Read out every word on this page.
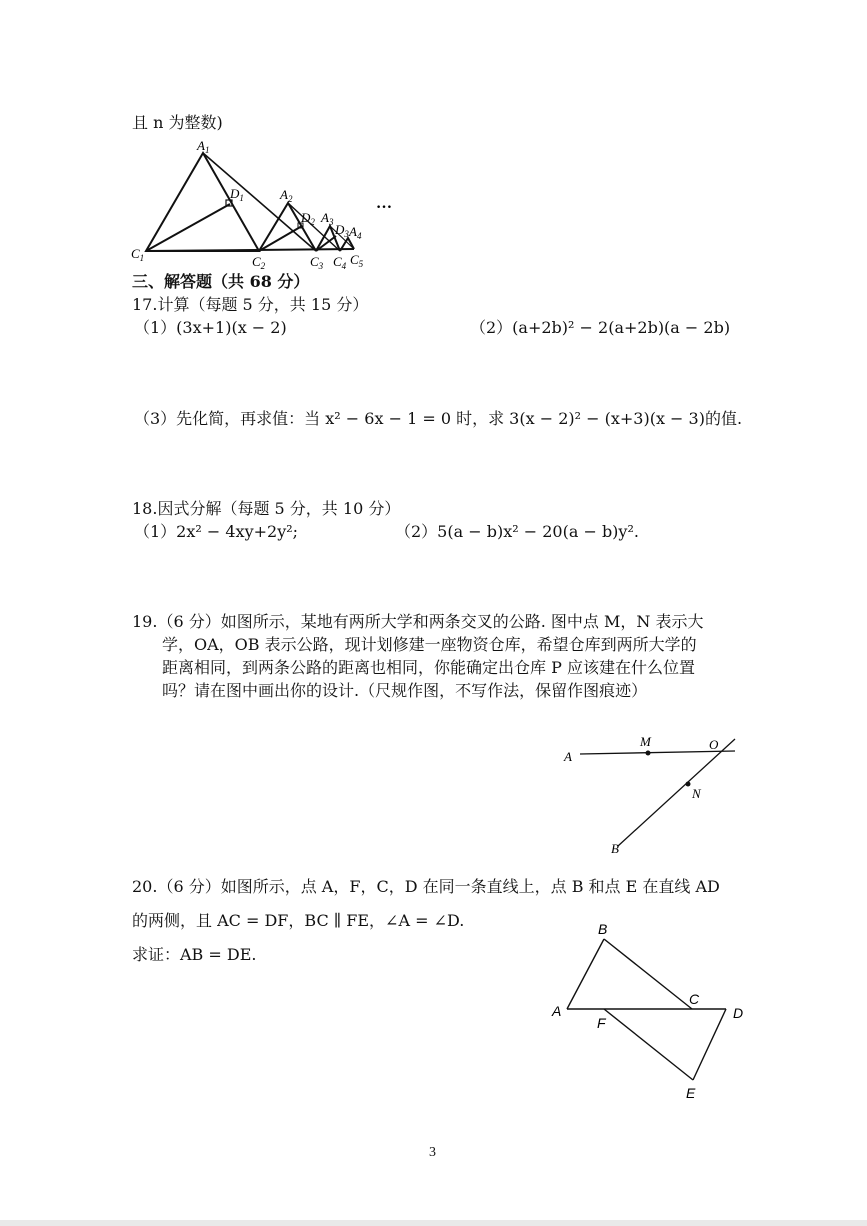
且 n 为整数)
$A_1$
$D_1$	$A_2$
$D_2$ $A_3$ $D_3$ $A_4$
$C_1$	$C_2$	$C_3$ $C_4$ $C_5$
…
三、解答题（共 68 分）
17.计算（每题 5 分，共 15 分）
（1）(3x+1)(x − 2)	（2）(a+2b)² − 2(a+2b)(a − 2b)
（3）先化简，再求值：当 x² − 6x − 1 = 0 时，求 3(x − 2)² − (x+3)(x − 3)的值.
18.因式分解（每题 5 分，共 10 分）
（1）2x² − 4xy+2y²;	（2）5(a − b)x² − 20(a − b)y².
19.（6 分）如图所示，某地有两所大学和两条交叉的公路. 图中点 M，N 表示大
学，OA，OB 表示公路，现计划修建一座物资仓库，希望仓库到两所大学的
距离相同，到两条公路的距离也相同，你能确定出仓库 P 应该建在什么位置
吗？请在图中画出你的设计.（尺规作图，不写作法，保留作图痕迹）
A
M	O
N
B
20.（6 分）如图所示，点 A，F，C，D 在同一条直线上，点 B 和点 E 在直线 AD
的两侧，且 AC = DF，BC ∥ FE，∠A = ∠D.
求证：AB = DE.
B
A
C
D
F
E
3
